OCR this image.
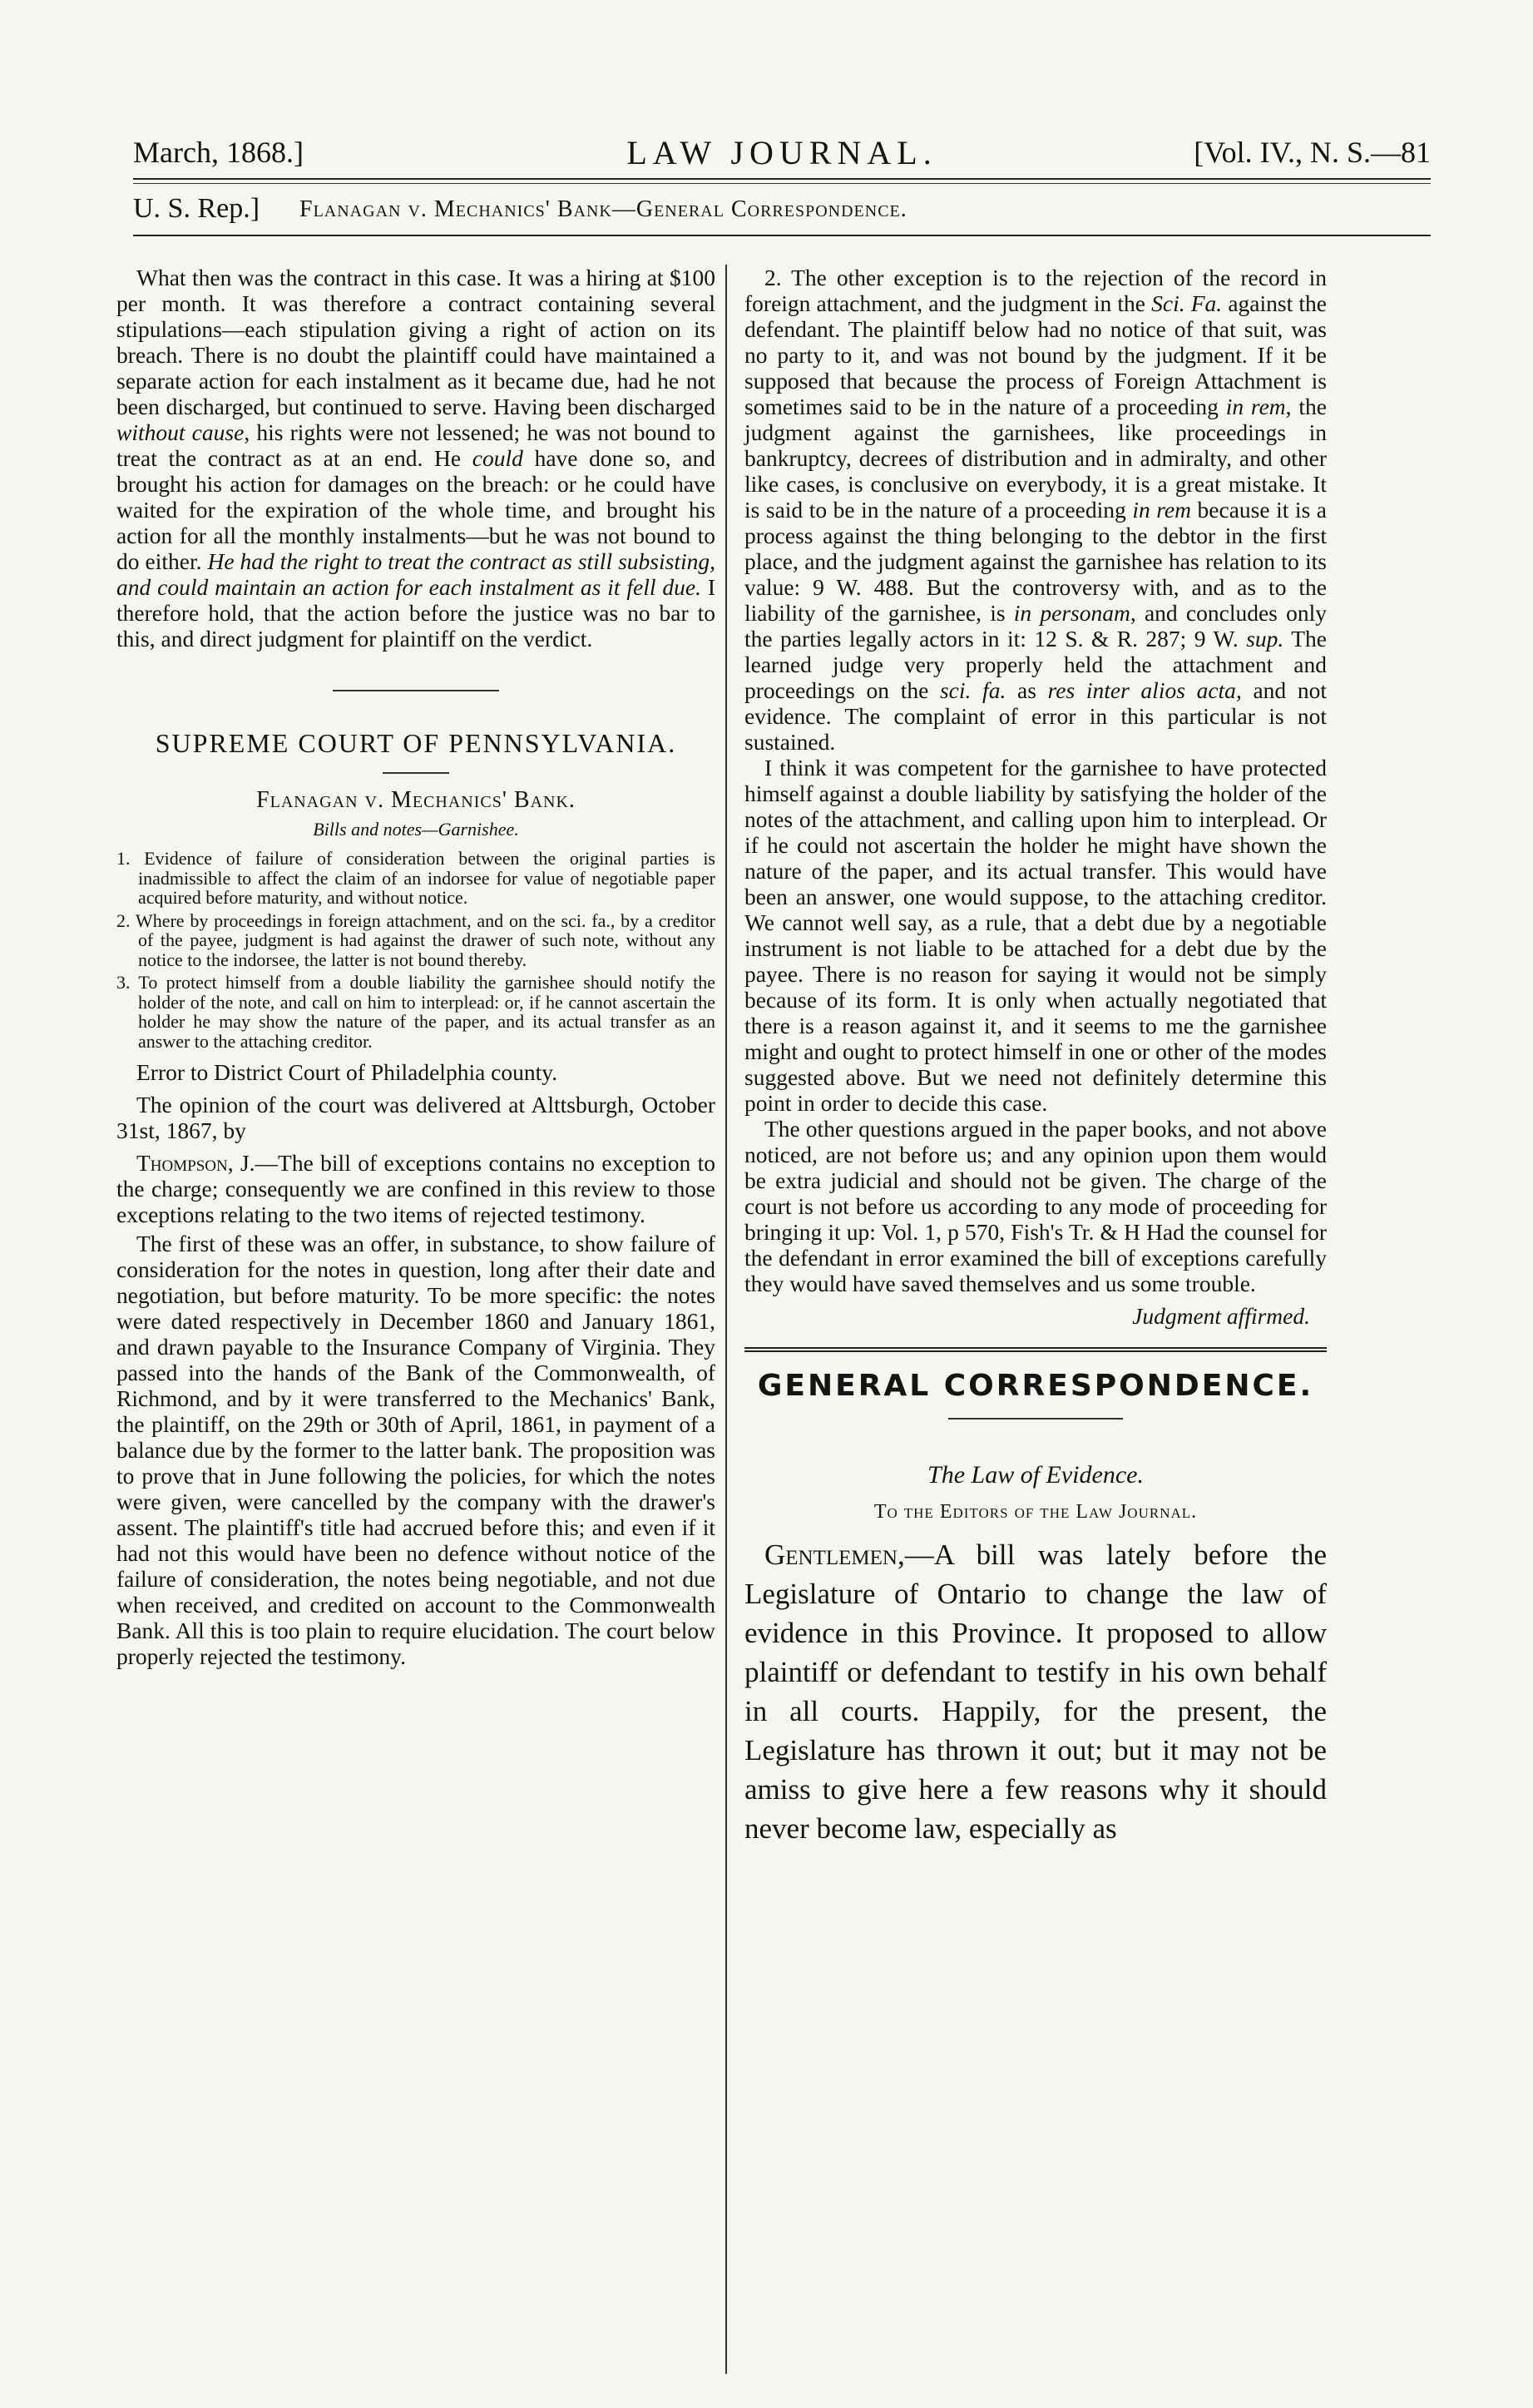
March, 1868.]	LAW JOURNAL.	[Vol. IV., N. S.—81
U. S. Rep.] Flanagan v. Mechanics' Bank—General Correspondence.

What then was the contract in this case. It was a hiring at $100 per month. It was therefore a contract containing several stipulations—each stipulation giving a right of action on its breach. There is no doubt the plaintiff could have maintained a separate action for each instalment as it became due, had he not been discharged, but continued to serve. Having been discharged without cause, his rights were not lessened; he was not bound to treat the contract as at an end. He could have done so, and brought his action for damages on the breach: or he could have waited for the expiration of the whole time, and brought his action for all the monthly instalments—but he was not bound to do either. He had the right to treat the contract as still subsisting, and could maintain an action for each instalment as it fell due. I therefore hold, that the action before the justice was no bar to this, and direct judgment for plaintiff on the verdict.

SUPREME COURT OF PENNSYLVANIA.

Flanagan v. Mechanics' Bank.

Bills and notes—Garnishee.

1. Evidence of failure of consideration between the original parties is inadmissible to affect the claim of an indorsee for value of negotiable paper acquired before maturity, and without notice.

2. Where by proceedings in foreign attachment, and on the sci. fa., by a creditor of the payee, judgment is had against the drawer of such note, without any notice to the indorsee, the latter is not bound thereby.

3. To protect himself from a double liability the garnishee should notify the holder of the note, and call on him to interplead: or, if he cannot ascertain the holder he may show the nature of the paper, and its actual transfer as an answer to the attaching creditor.

Error to District Court of Philadelphia county.

The opinion of the court was delivered at Alttsburgh, October 31st, 1867, by

Thompson, J.—The bill of exceptions contains no exception to the charge; consequently we are confined in this review to those exceptions relating to the two items of rejected testimony.

The first of these was an offer, in substance, to show failure of consideration for the notes in question, long after their date and negotiation, but before maturity. To be more specific: the notes were dated respectively in December 1860 and January 1861, and drawn payable to the Insurance Company of Virginia. They passed into the hands of the Bank of the Commonwealth, of Richmond, and by it were transferred to the Mechanics' Bank, the plaintiff, on the 29th or 30th of April, 1861, in payment of a balance due by the former to the latter bank. The proposition was to prove that in June following the policies, for which the notes were given, were cancelled by the company with the drawer's assent. The plaintiff's title had accrued before this; and even if it had not this would have been no defence without notice of the failure of consideration, the notes being negotiable, and not due when received, and credited on account to the Commonwealth Bank. All this is too plain to require elucidation. The court below properly rejected the testimony.

2. The other exception is to the rejection of the record in foreign attachment, and the judgment in the Sci. Fa. against the defendant. The plaintiff below had no notice of that suit, was no party to it, and was not bound by the judgment. If it be supposed that because the process of Foreign Attachment is sometimes said to be in the nature of a proceeding in rem, the judgment against the garnishees, like proceedings in bankruptcy, decrees of distribution and in admiralty, and other like cases, is conclusive on everybody, it is a great mistake. It is said to be in the nature of a proceeding in rem because it is a process against the thing belonging to the debtor in the first place, and the judgment against the garnishee has relation to its value: 9 W. 488. But the controversy with, and as to the liability of the garnishee, is in personam, and concludes only the parties legally actors in it: 12 S. & R. 287; 9 W. sup. The learned judge very properly held the attachment and proceedings on the sci. fa. as res inter alios acta, and not evidence. The complaint of error in this particular is not sustained.

I think it was competent for the garnishee to have protected himself against a double liability by satisfying the holder of the notes of the attachment, and calling upon him to interplead. Or if he could not ascertain the holder he might have shown the nature of the paper, and its actual transfer. This would have been an answer, one would suppose, to the attaching creditor. We cannot well say, as a rule, that a debt due by a negotiable instrument is not liable to be attached for a debt due by the payee. There is no reason for saying it would not be simply because of its form. It is only when actually negotiated that there is a reason against it, and it seems to me the garnishee might and ought to protect himself in one or other of the modes suggested above. But we need not definitely determine this point in order to decide this case.

The other questions argued in the paper books, and not above noticed, are not before us; and any opinion upon them would be extra judicial and should not be given. The charge of the court is not before us according to any mode of proceeding for bringing it up: Vol. 1, p 570, Fish's Tr. & H Had the counsel for the defendant in error examined the bill of exceptions carefully they would have saved themselves and us some trouble.

Judgment affirmed.

GENERAL CORRESPONDENCE.
The Law of Evidence.
To the Editors of the Law Journal.

Gentlemen,—A bill was lately before the Legislature of Ontario to change the law of evidence in this Province. It proposed to allow plaintiff or defendant to testify in his own behalf in all courts. Happily, for the present, the Legislature has thrown it out; but it may not be amiss to give here a few reasons why it should never become law, especially as
